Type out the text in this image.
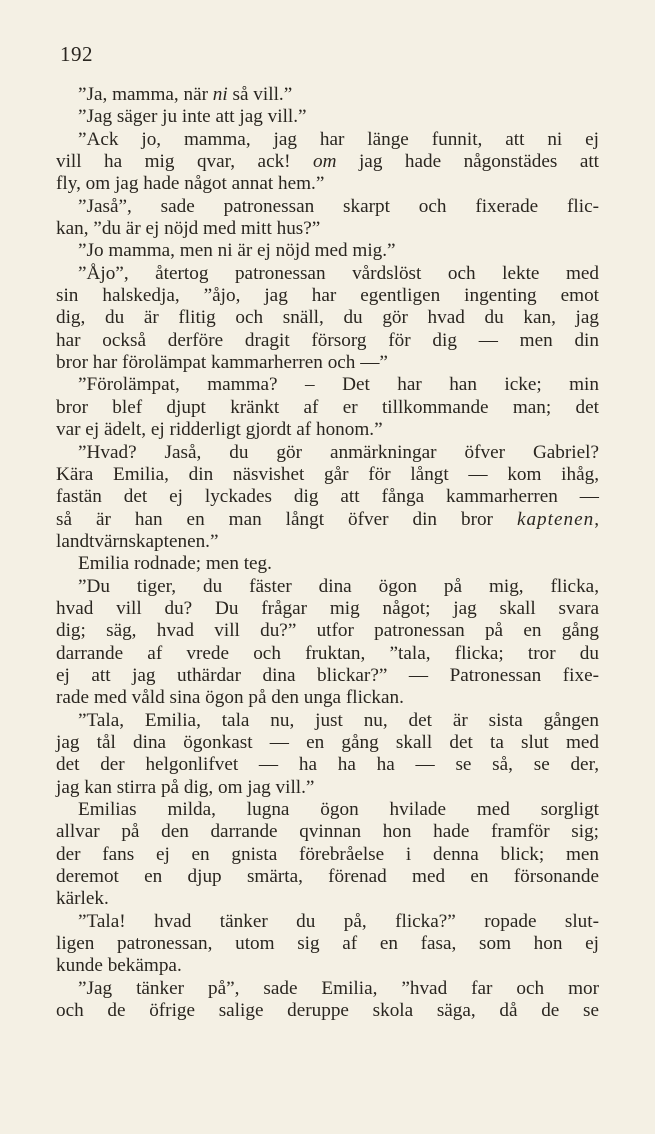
192
”Ja, mamma, när ni så vill.”
”Jag säger ju inte att jag vill.”
”Ack jo, mamma, jag har länge funnit, att ni ej
vill ha mig qvar, ack! om jag hade någonstädes att
fly, om jag hade något annat hem.”
”Jaså”, sade patronessan skarpt och fixerade flic-
kan, ”du är ej nöjd med mitt hus?”
”Jo mamma, men ni är ej nöjd med mig.”
”Åjo”, återtog patronessan vårdslöst och lekte med
sin halskedja, ”åjo, jag har egentligen ingenting emot
dig, du är flitig och snäll, du gör hvad du kan, jag
har också derföre dragit försorg för dig — men din
bror har förolämpat kammarherren och —”
”Förolämpat, mamma? – Det har han icke; min
bror blef djupt kränkt af er tillkommande man; det
var ej ädelt, ej ridderligt gjordt af honom.”
”Hvad? Jaså, du gör anmärkningar öfver Gabriel?
Kära Emilia, din näsvishet går för långt — kom ihåg,
fastän det ej lyckades dig att fånga kammarherren —
så är han en man långt öfver din bror kaptenen,
landtvärnskaptenen.”
Emilia rodnade; men teg.
”Du tiger, du fäster dina ögon på mig, flicka,
hvad vill du? Du frågar mig något; jag skall svara
dig; säg, hvad vill du?” utfor patronessan på en gång
darrande af vrede och fruktan, ”tala, flicka; tror du
ej att jag uthärdar dina blickar?” — Patronessan fixe-
rade med våld sina ögon på den unga flickan.
”Tala, Emilia, tala nu, just nu, det är sista gången
jag tål dina ögonkast — en gång skall det ta slut med
det der helgonlifvet — ha ha ha — se så, se der,
jag kan stirra på dig, om jag vill.”
Emilias milda, lugna ögon hvilade med sorgligt
allvar på den darrande qvinnan hon hade framför sig;
der fans ej en gnista förebråelse i denna blick; men
deremot en djup smärta, förenad med en försonande
kärlek.
”Tala! hvad tänker du på, flicka?” ropade slut-
ligen patronessan, utom sig af en fasa, som hon ej
kunde bekämpa.
”Jag tänker på”, sade Emilia, ”hvad far och mor
och de öfrige salige deruppe skola säga, då de se
